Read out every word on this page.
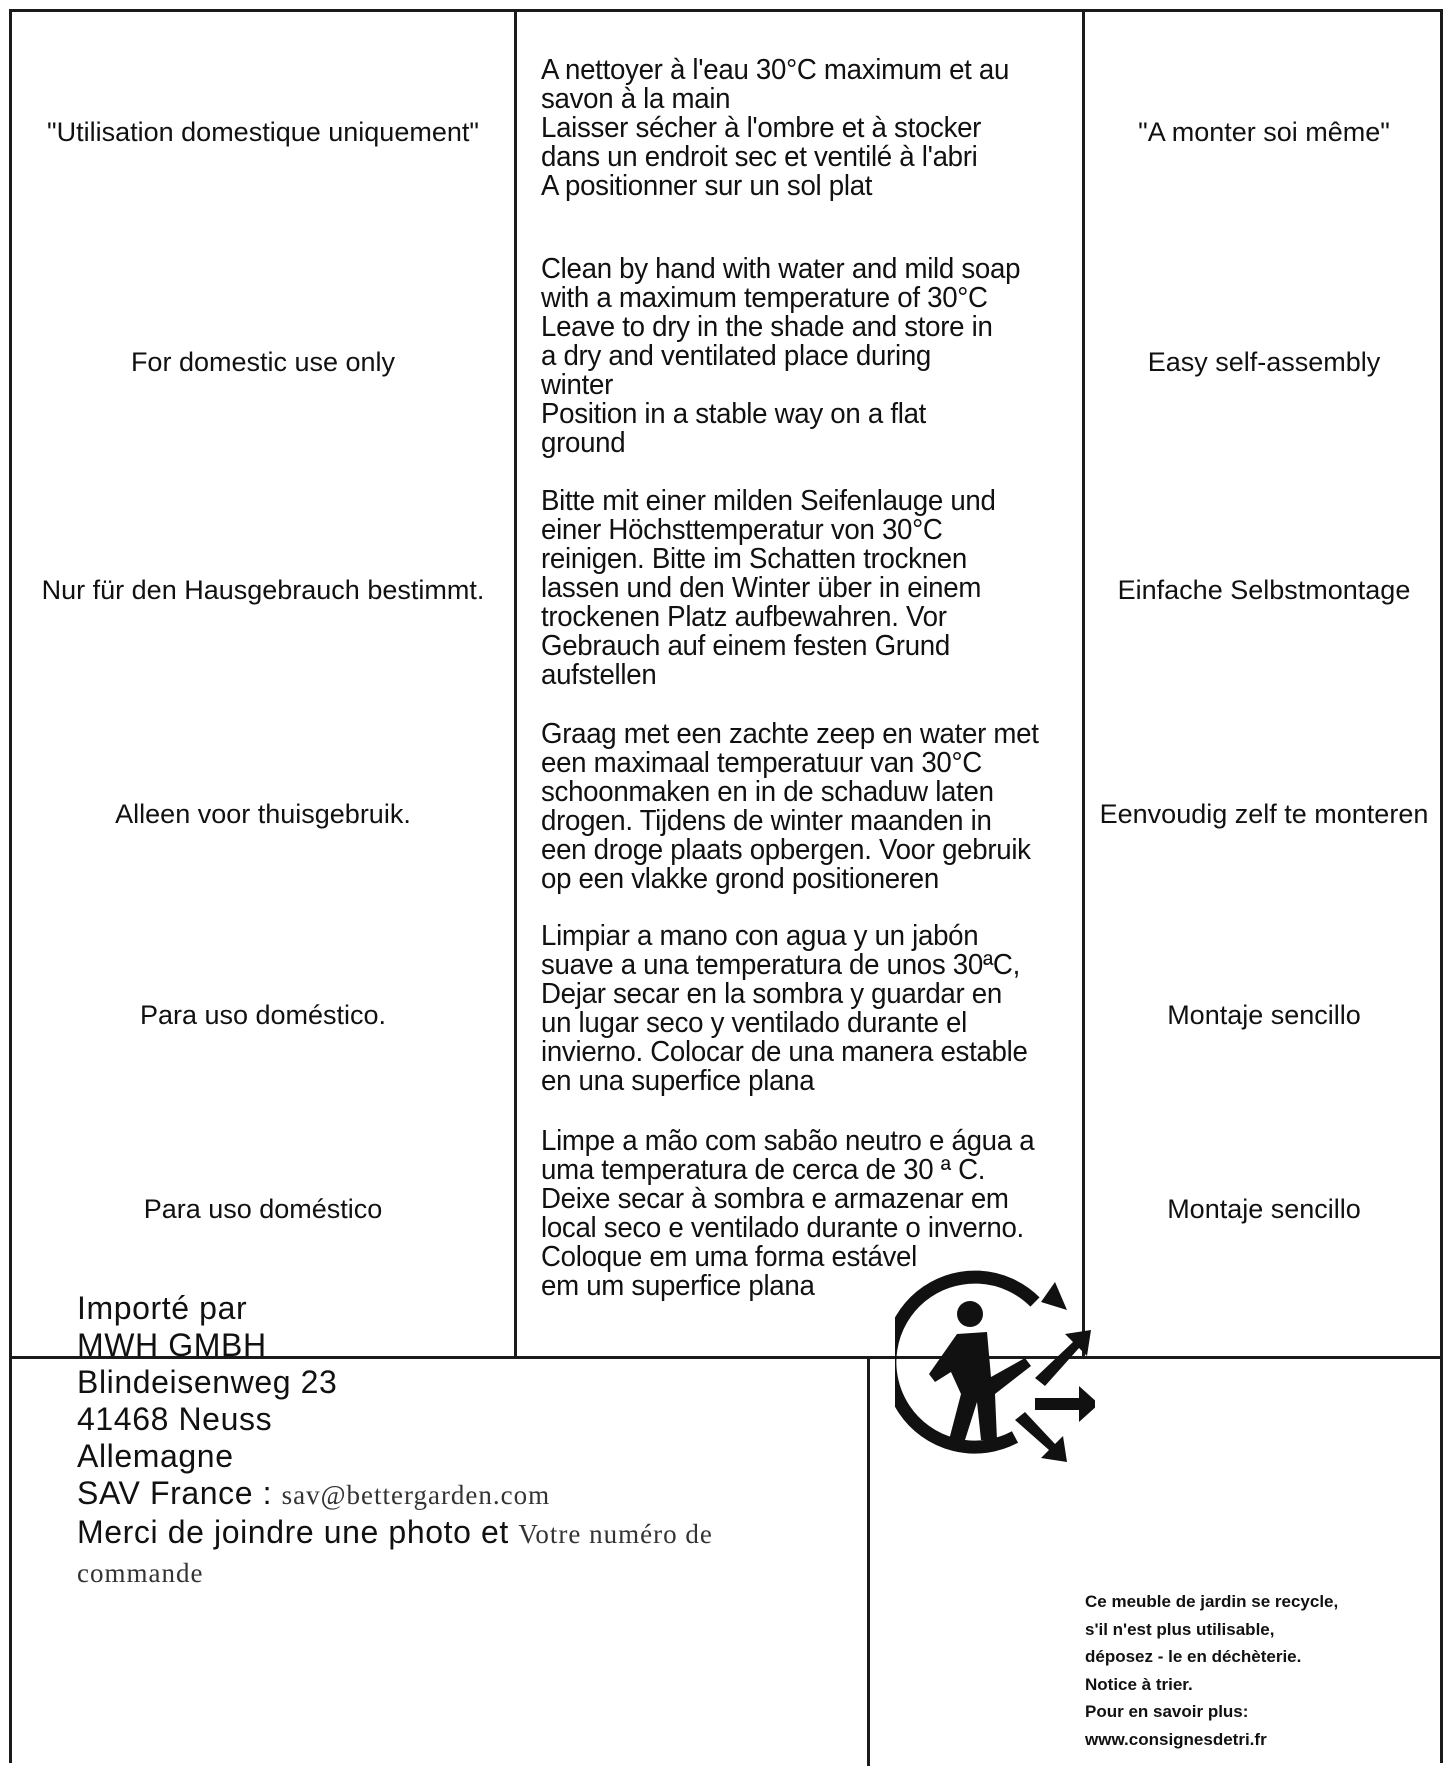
"Utilisation domestique uniquement"
A nettoyer à l'eau 30°C maximum et au
savon à la main
Laisser sécher à l'ombre et à stocker
dans un endroit sec et ventilé à l'abri
A positionner sur un sol plat
"A monter soi même"
For domestic use only
Clean by hand with water and mild soap
with a maximum temperature of 30°C
Leave to dry in the shade and store in
a dry and ventilated place during
winter
Position in a stable way on a flat
ground
Easy self-assembly
Nur für den Hausgebrauch bestimmt.
Bitte mit einer milden Seifenlauge und
einer Höchsttemperatur von 30°C
reinigen. Bitte im Schatten trocknen
lassen und den Winter über in einem
trockenen Platz aufbewahren. Vor
Gebrauch auf einem festen Grund
aufstellen
Einfache Selbstmontage
Alleen voor thuisgebruik.
Graag met een zachte zeep en water met
een maximaal temperatuur van 30°C
schoonmaken en in de schaduw laten
drogen. Tijdens de winter maanden in
een droge plaats opbergen. Voor gebruik
op een vlakke grond positioneren
Eenvoudig zelf te monteren
Para uso doméstico.
Limpiar a mano con agua y un jabón
suave a una temperatura de unos 30ªC,
Dejar secar en la sombra y guardar en
un lugar seco y ventilado durante el
invierno. Colocar de una manera estable
en una superfice plana
Montaje sencillo
Para uso doméstico
Limpe a mão com sabão neutro e água a
uma temperatura de cerca de 30 ª C.
Deixe secar à sombra e armazenar em
local seco e ventilado durante o inverno.
Coloque em uma forma estável
em um superfice plana
Montaje sencillo
Importé par
MWH GMBH
Blindeisenweg 23
41468 Neuss
Allemagne
SAV France : sav@bettergarden.com
Merci de joindre une photo et Votre numéro de
commande
Ce meuble de jardin se recycle,
s'il n'est plus utilisable,
déposez - le en déchèterie.
Notice à trier.
Pour en savoir plus:
www.consignesdetri.fr
